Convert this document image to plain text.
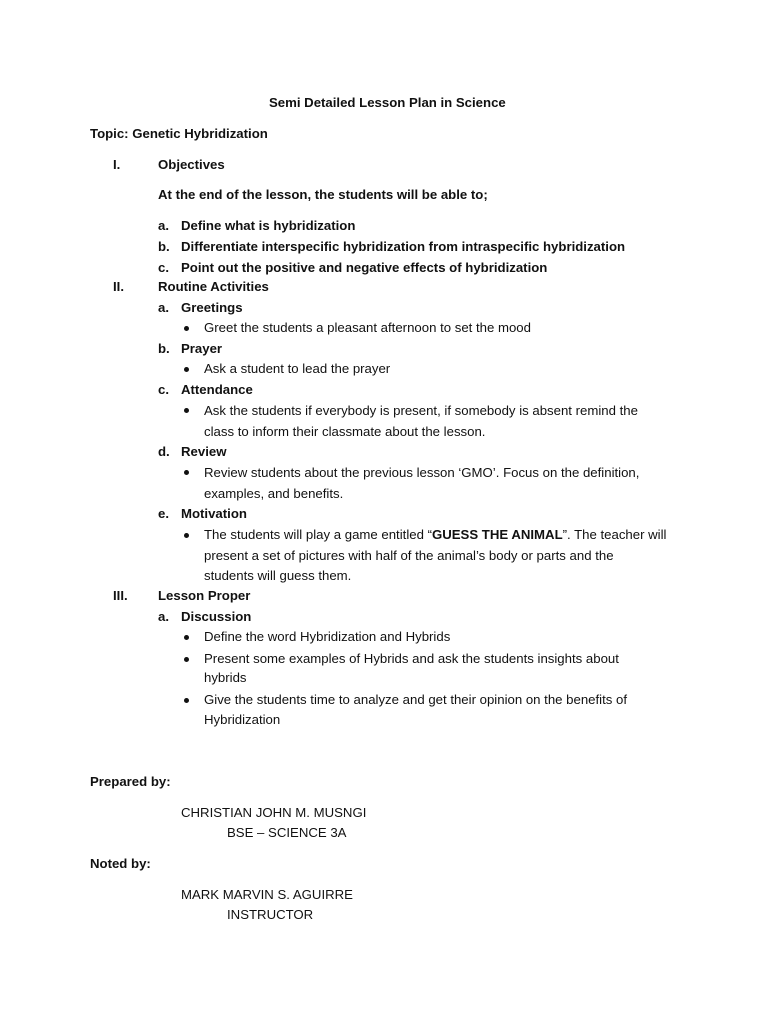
Semi Detailed Lesson Plan in Science
Topic: Genetic Hybridization
I.	Objectives
At the end of the lesson, the students will be able to;
a. Define what is hybridization
b. Differentiate interspecific hybridization from intraspecific hybridization
c. Point out the positive and negative effects of hybridization
II.	Routine Activities
a. Greetings
Greet the students a pleasant afternoon to set the mood
b. Prayer
Ask a student to lead the prayer
c. Attendance
Ask the students if everybody is present, if somebody is absent remind the
class to inform their classmate about the lesson.
d. Review
Review students about the previous lesson ‘GMO’. Focus on the definition,
examples, and benefits.
e. Motivation
The students will play a game entitled “GUESS THE ANIMAL”. The teacher will
present a set of pictures with half of the animal’s body or parts and the
students will guess them.
III. Lesson Proper
a. Discussion
Define the word Hybridization and Hybrids
Present some examples of Hybrids and ask the students insights about
hybrids
Give the students time to analyze and get their opinion on the benefits of
Hybridization
Prepared by:
CHRISTIAN JOHN M. MUSNGI
BSE – SCIENCE 3A
Noted by:
MARK MARVIN S. AGUIRRE
INSTRUCTOR
